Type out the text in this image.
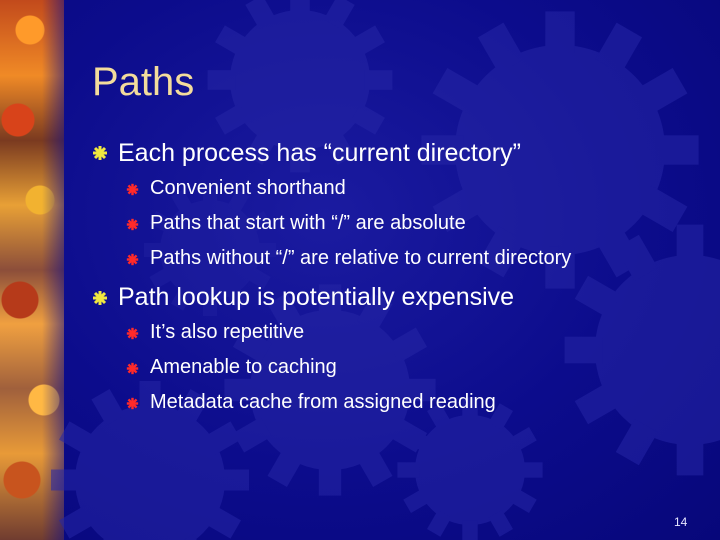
Paths
Each process has “current directory”
Convenient shorthand
Paths that start with “/” are absolute
Paths without “/” are relative to current directory
Path lookup is potentially expensive
It’s also repetitive
Amenable to caching
Metadata cache from assigned reading
14
